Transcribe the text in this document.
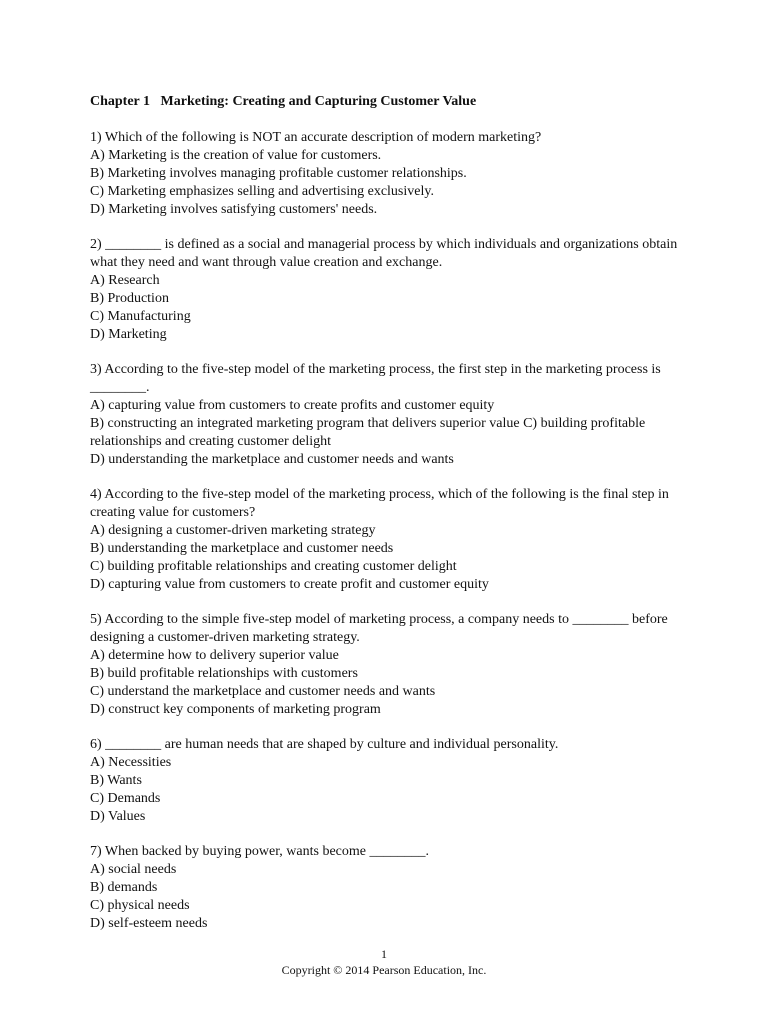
Chapter 1   Marketing: Creating and Capturing Customer Value
1) Which of the following is NOT an accurate description of modern marketing?
A) Marketing is the creation of value for customers.
B) Marketing involves managing profitable customer relationships.
C) Marketing emphasizes selling and advertising exclusively.
D) Marketing involves satisfying customers' needs.
2) ________ is defined as a social and managerial process by which individuals and organizations obtain what they need and want through value creation and exchange.
A) Research
B) Production
C) Manufacturing
D) Marketing
3) According to the five-step model of the marketing process, the first step in the marketing process is ________.
A) capturing value from customers to create profits and customer equity
B) constructing an integrated marketing program that delivers superior value C) building profitable relationships and creating customer delight
D) understanding the marketplace and customer needs and wants
4) According to the five-step model of the marketing process, which of the following is the final step in creating value for customers?
A) designing a customer-driven marketing strategy
B) understanding the marketplace and customer needs
C) building profitable relationships and creating customer delight
D) capturing value from customers to create profit and customer equity
5) According to the simple five-step model of marketing process, a company needs to ________ before designing a customer-driven marketing strategy.
A) determine how to delivery superior value
B) build profitable relationships with customers
C) understand the marketplace and customer needs and wants
D) construct key components of marketing program
6) ________ are human needs that are shaped by culture and individual personality.
A) Necessities
B) Wants
C) Demands
D) Values
7) When backed by buying power, wants become ________.
A) social needs
B) demands
C) physical needs
D) self-esteem needs
1
Copyright © 2014 Pearson Education, Inc.
